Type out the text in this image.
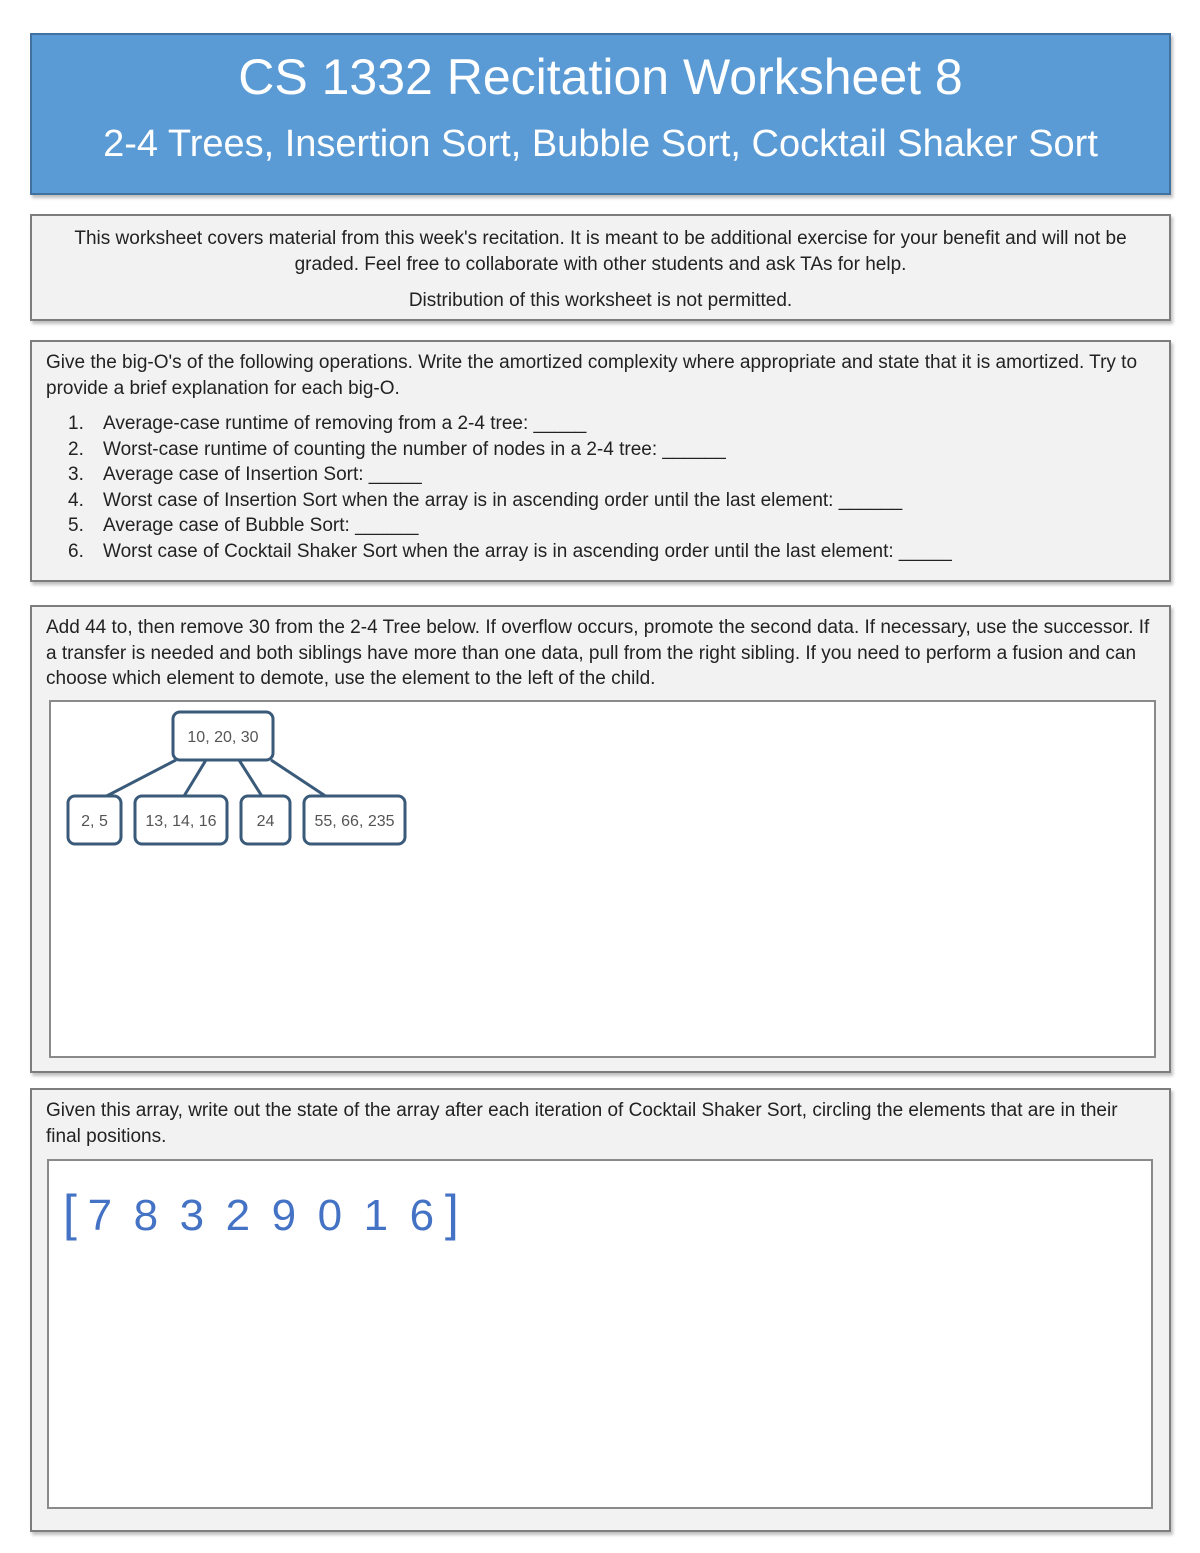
CS 1332 Recitation Worksheet 8
2-4 Trees, Insertion Sort, Bubble Sort, Cocktail Shaker Sort
This worksheet covers material from this week's recitation. It is meant to be additional exercise for your benefit and will not be graded. Feel free to collaborate with other students and ask TAs for help.
Distribution of this worksheet is not permitted.
Give the big-O's of the following operations. Write the amortized complexity where appropriate and state that it is amortized. Try to provide a brief explanation for each big-O.
1. Average-case runtime of removing from a 2-4 tree: _____
2. Worst-case runtime of counting the number of nodes in a 2-4 tree: ______
3. Average case of Insertion Sort: _____
4. Worst case of Insertion Sort when the array is in ascending order until the last element: ______
5. Average case of Bubble Sort: ______
6. Worst case of Cocktail Shaker Sort when the array is in ascending order until the last element: _____
Add 44 to, then remove 30 from the 2-4 Tree below. If overflow occurs, promote the second data. If necessary, use the successor. If a transfer is needed and both siblings have more than one data, pull from the right sibling. If you need to perform a fusion and can choose which element to demote, use the element to the left of the child.
10, 20, 30
2, 5 13, 14, 16	24	55, 66, 235
Given this array, write out the state of the array after each iteration of Cocktail Shaker Sort, circling the elements that are in their final positions.
[ 7 8 3 2 9 0 1 6 ]
